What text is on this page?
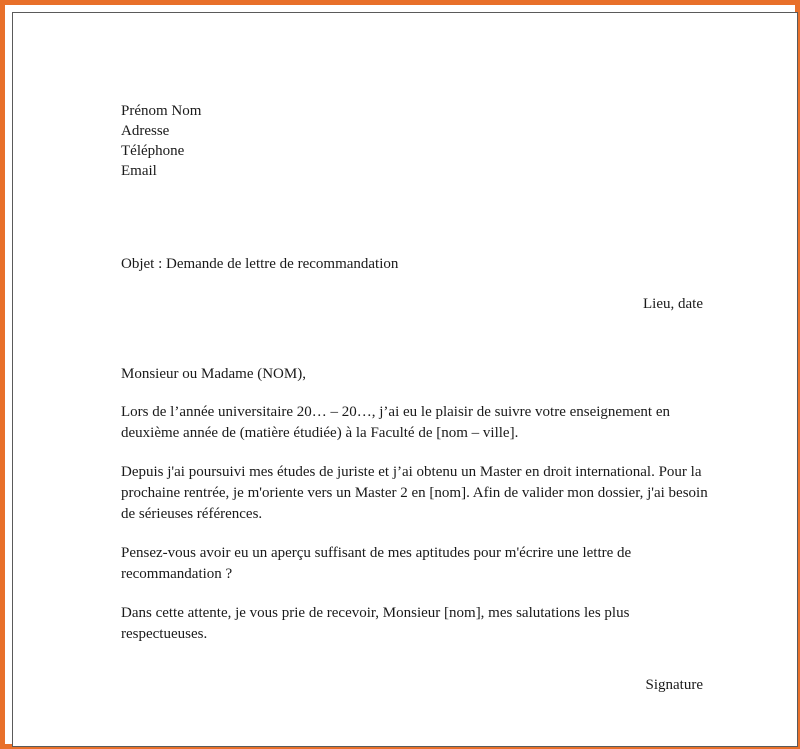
Prénom Nom
Adresse
Téléphone
Email
Objet : Demande de lettre de recommandation
Lieu, date
Monsieur ou Madame (NOM),
Lors de l’année universitaire 20… – 20…, j’ai eu le plaisir de suivre votre enseignement en deuxième année de (matière étudiée) à la Faculté de [nom – ville].
Depuis j'ai poursuivi mes études de juriste et j’ai obtenu un Master en droit international. Pour la prochaine rentrée, je m'oriente vers un Master 2 en [nom]. Afin de valider mon dossier, j'ai besoin de sérieuses références.
Pensez-vous avoir eu un aperçu suffisant de mes aptitudes pour m'écrire une lettre de recommandation ?
Dans cette attente, je vous prie de recevoir, Monsieur [nom], mes salutations les plus respectueuses.
Signature
